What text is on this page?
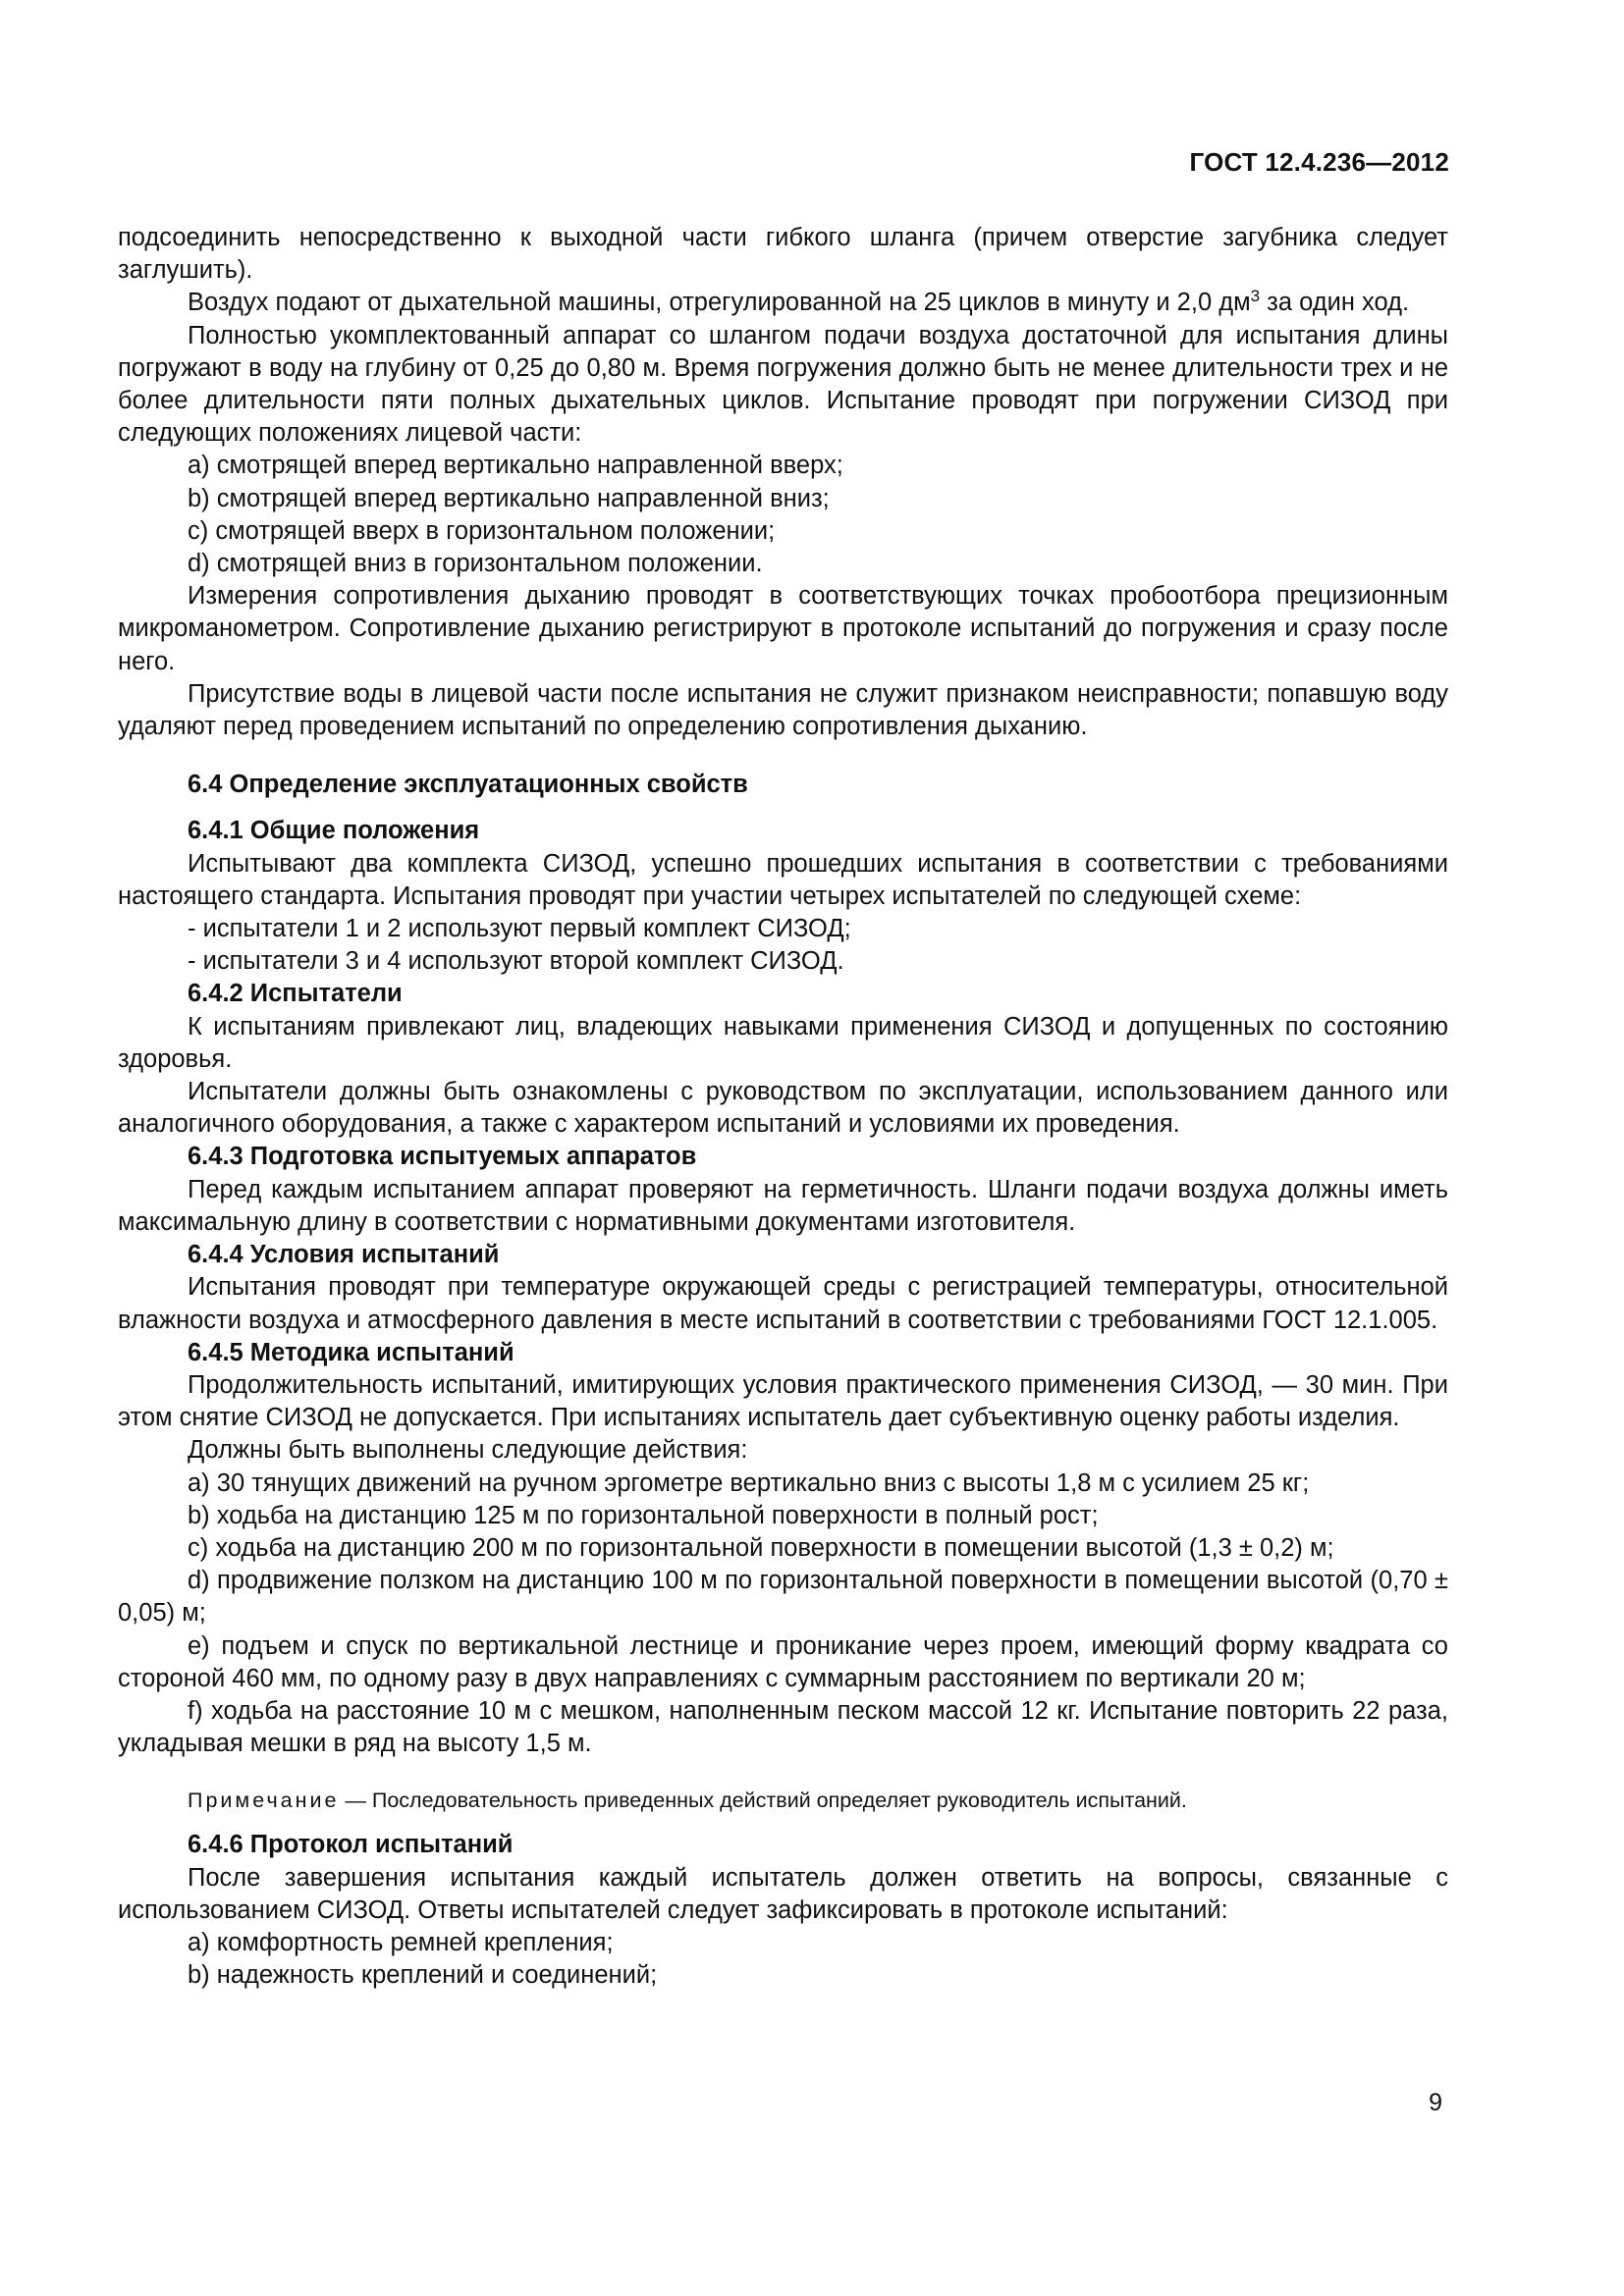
ГОСТ 12.4.236—2012

подсоединить непосредственно к выходной части гибкого шланга (причем отверстие загубника следует заглушить).

Воздух подают от дыхательной машины, отрегулированной на 25 циклов в минуту и 2,0 $дм^3$ за один ход.

Полностью укомплектованный аппарат со шлангом подачи воздуха достаточной для испытания длины погружают в воду на глубину от 0,25 до 0,80 м. Время погружения должно быть не менее длительности трех и не более длительности пяти полных дыхательных циклов. Испытание проводят при погружении СИЗОД при следующих положениях лицевой части:

a) смотрящей вперед вертикально направленной вверх;

b) смотрящей вперед вертикально направленной вниз;

c) смотрящей вверх в горизонтальном положении;

d) смотрящей вниз в горизонтальном положении.

Измерения сопротивления дыханию проводят в соответствующих точках пробоотбора прецизионным микроманометром. Сопротивление дыханию регистрируют в протоколе испытаний до погружения и сразу после него.

Присутствие воды в лицевой части после испытания не служит признаком неисправности; попавшую воду удаляют перед проведением испытаний по определению сопротивления дыханию.

6.4 Определение эксплуатационных свойств

6.4.1 Общие положения

Испытывают два комплекта СИЗОД, успешно прошедших испытания в соответствии с требованиями настоящего стандарта. Испытания проводят при участии четырех испытателей по следующей схеме:

- испытатели 1 и 2 используют первый комплект СИЗОД;

- испытатели 3 и 4 используют второй комплект СИЗОД.

6.4.2 Испытатели

К испытаниям привлекают лиц, владеющих навыками применения СИЗОД и допущенных по состоянию здоровья.

Испытатели должны быть ознакомлены с руководством по эксплуатации, использованием данного или аналогичного оборудования, а также с характером испытаний и условиями их проведения.

6.4.3 Подготовка испытуемых аппаратов

Перед каждым испытанием аппарат проверяют на герметичность. Шланги подачи воздуха должны иметь максимальную длину в соответствии с нормативными документами изготовителя.

6.4.4 Условия испытаний

Испытания проводят при температуре окружающей среды с регистрацией температуры, относительной влажности воздуха и атмосферного давления в месте испытаний в соответствии с требованиями ГОСТ 12.1.005.

6.4.5 Методика испытаний

Продолжительность испытаний, имитирующих условия практического применения СИЗОД, — 30 мин. При этом снятие СИЗОД не допускается. При испытаниях испытатель дает субъективную оценку работы изделия.

Должны быть выполнены следующие действия:

a) 30 тянущих движений на ручном эргометре вертикально вниз с высоты 1,8 м с усилием 25 кг;

b) ходьба на дистанцию 125 м по горизонтальной поверхности в полный рост;

c) ходьба на дистанцию 200 м по горизонтальной поверхности в помещении высотой (1,3 ± 0,2) м;

d) продвижение ползком на дистанцию 100 м по горизонтальной поверхности в помещении высотой (0,70 ± 0,05) м;

e) подъем и спуск по вертикальной лестнице и проникание через проем, имеющий форму квадрата со стороной 460 мм, по одному разу в двух направлениях с суммарным расстоянием по вертикали 20 м;

f) ходьба на расстояние 10 м с мешком, наполненным песком массой 12 кг. Испытание повторить 22 раза, укладывая мешки в ряд на высоту 1,5 м.

Примечание — Последовательность приведенных действий определяет руководитель испытаний.

6.4.6 Протокол испытаний

После завершения испытания каждый испытатель должен ответить на вопросы, связанные с использованием СИЗОД. Ответы испытателей следует зафиксировать в протоколе испытаний:

a) комфортность ремней крепления;

b) надежность креплений и соединений;

9
